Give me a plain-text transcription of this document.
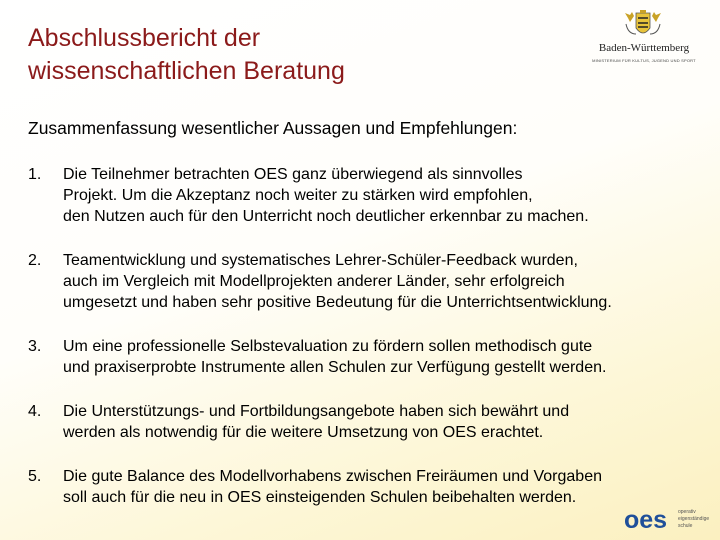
Abschlussbericht der
wissenschaftlichen Beratung
Baden-Württemberg
MINISTERIUM FÜR KULTUS, JUGEND UND SPORT
Zusammenfassung wesentlicher Aussagen und Empfehlungen:
1.	Die Teilnehmer betrachten OES ganz überwiegend als sinnvolles
Projekt. Um die Akzeptanz noch weiter zu stärken wird empfohlen,
den Nutzen auch für den Unterricht noch deutlicher erkennbar zu machen.
2.	Teamentwicklung und systematisches Lehrer-Schüler-Feedback wurden,
auch im Vergleich mit Modellprojekten anderer Länder, sehr erfolgreich
umgesetzt und haben sehr positive Bedeutung für die Unterrichtsentwicklung.
3.	Um eine professionelle Selbstevaluation zu fördern sollen methodisch gute
und praxiserprobte Instrumente allen Schulen zur Verfügung gestellt werden.
4.	Die Unterstützungs- und Fortbildungsangebote haben sich bewährt und
werden als notwendig für die weitere Umsetzung von OES erachtet.
5.	Die gute Balance des Modellvorhabens zwischen Freiräumen und Vorgaben
soll auch für die neu in OES einsteigenden Schulen beibehalten werden.
oes operativ
eigenständige
schule
